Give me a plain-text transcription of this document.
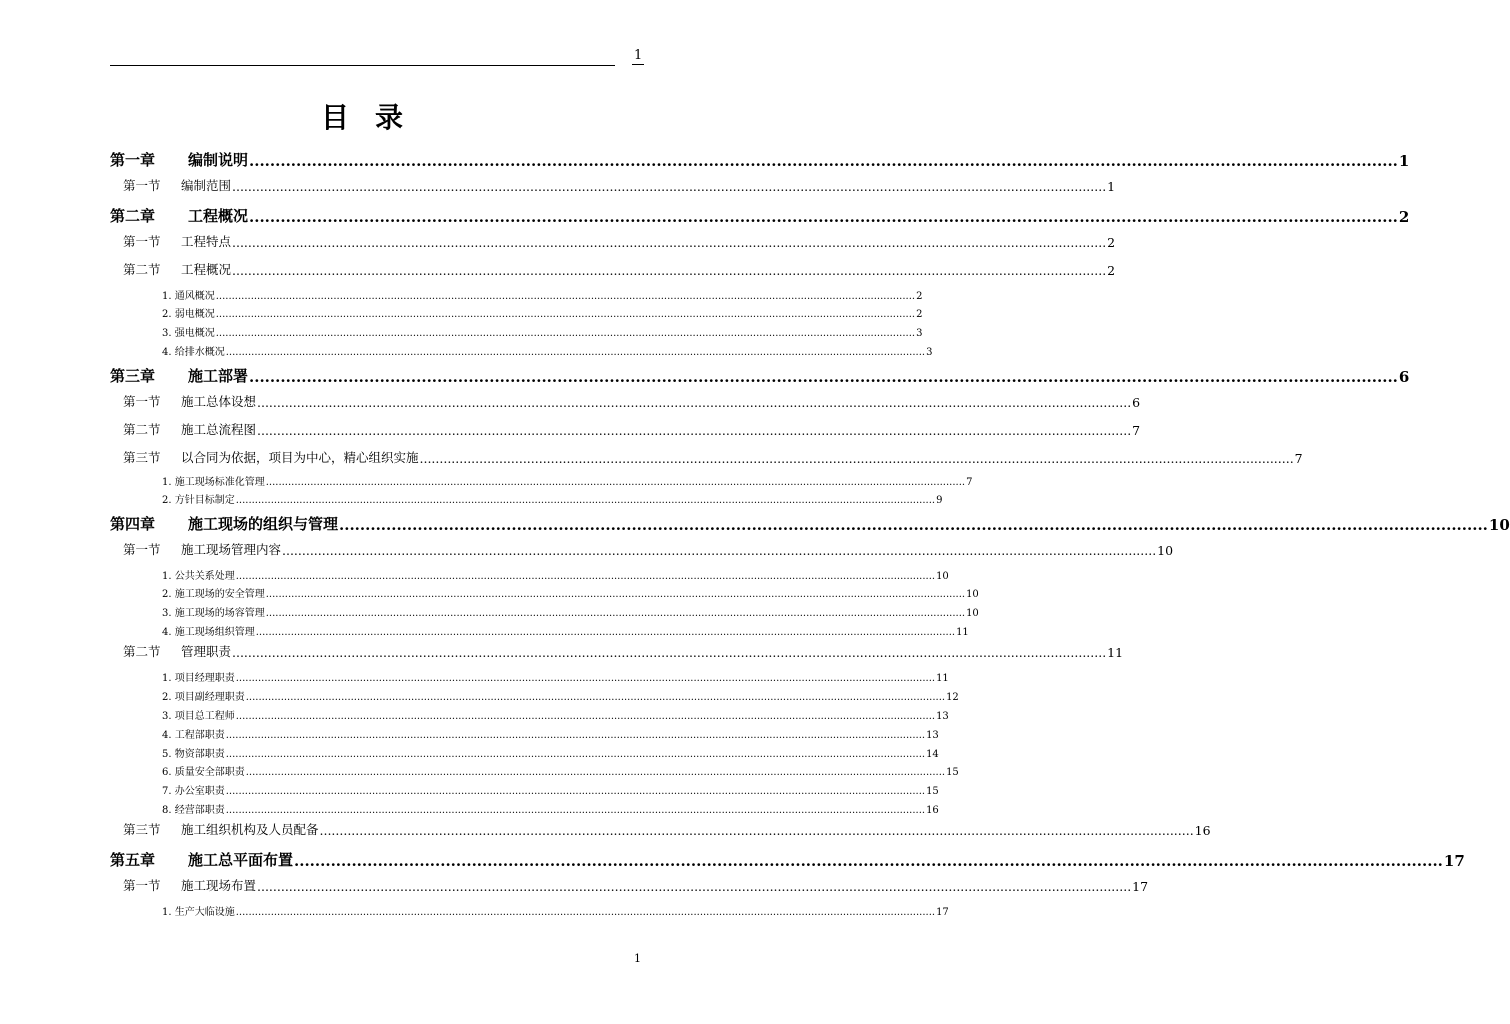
1
目录
第一章 编制说明 ............................................................................................................................................................................................................................ 1
第一节 编制范围 ............................................................................................................................................................................................................................ 1
第二章 工程概况 ............................................................................................................................................................................................................................ 2
第一节 工程特点 ............................................................................................................................................................................................................................ 2
第二节 工程概况 ............................................................................................................................................................................................................................ 2
1. 通风概况 ............................................................................................................................................................................................................................ 2
2. 弱电概况 ............................................................................................................................................................................................................................ 2
3. 强电概况 ............................................................................................................................................................................................................................ 3
4. 给排水概况 ............................................................................................................................................................................................................................ 3
第三章 施工部署 ............................................................................................................................................................................................................................ 6
第一节 施工总体设想 ............................................................................................................................................................................................................................ 6
第二节 施工总流程图 ............................................................................................................................................................................................................................ 7
第三节 以合同为依据，项目为中心，精心组织实施 ............................................................................................................................................................................................................................ 7
1. 施工现场标准化管理 ............................................................................................................................................................................................................................ 7
2. 方针目标制定 ............................................................................................................................................................................................................................ 9
第四章 施工现场的组织与管理 ............................................................................................................................................................................................................................ 10
第一节 施工现场管理内容 ............................................................................................................................................................................................................................ 10
1. 公共关系处理 ............................................................................................................................................................................................................................ 10
2. 施工现场的安全管理 ............................................................................................................................................................................................................................ 10
3. 施工现场的场容管理 ............................................................................................................................................................................................................................ 10
4. 施工现场组织管理 ............................................................................................................................................................................................................................ 11
第二节 管理职责 ............................................................................................................................................................................................................................ 11
1. 项目经理职责 ............................................................................................................................................................................................................................ 11
2. 项目副经理职责 ............................................................................................................................................................................................................................ 12
3. 项目总工程师 ............................................................................................................................................................................................................................ 13
4. 工程部职责 ............................................................................................................................................................................................................................ 13
5. 物资部职责 ............................................................................................................................................................................................................................ 14
6. 质量安全部职责 ............................................................................................................................................................................................................................ 15
7. 办公室职责 ............................................................................................................................................................................................................................ 15
8. 经营部职责 ............................................................................................................................................................................................................................ 16
第三节 施工组织机构及人员配备 ............................................................................................................................................................................................................................ 16
第五章 施工总平面布置 ............................................................................................................................................................................................................................ 17
第一节 施工现场布置 ............................................................................................................................................................................................................................ 17
1. 生产大临设施 ............................................................................................................................................................................................................................ 17
1
